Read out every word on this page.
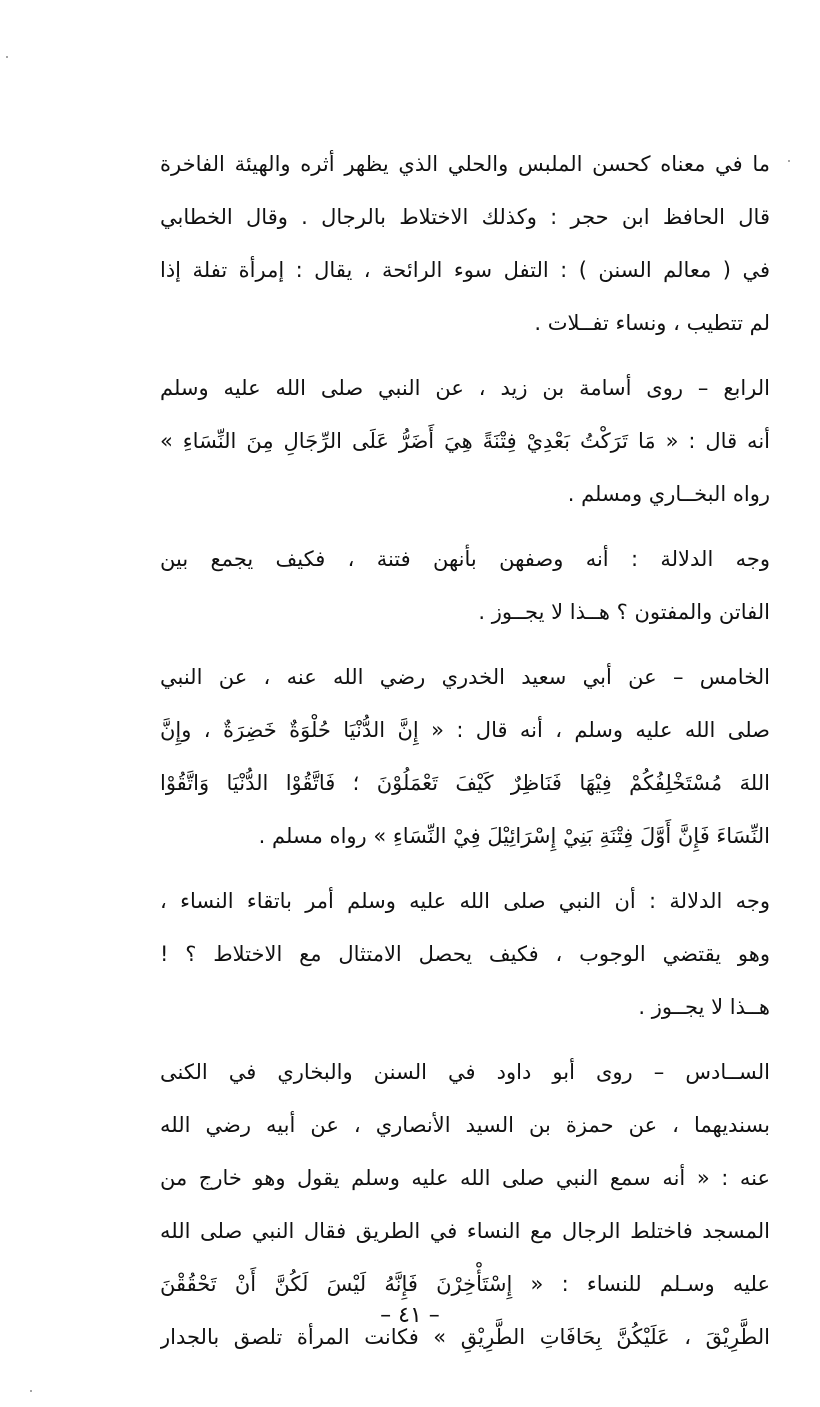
ما في معناه كحسن الملبس والحلي الذي يظهر أثره والهيئة الفاخرة
قال الحافظ ابن حجر : وكذلك الاختلاط بالرجال . وقال الخطابي
في ( معالم السنن ) : التفل سوء الرائحة ، يقال : إمرأة تفلة إذا
لم تتطيب ، ونساء تفــلات .
الرابع – روى أسامة بن زيد ، عن النبي صلى الله عليه وسلم
أنه قال : « مَا تَرَكْتُ بَعْدِيْ فِتْنَةً هِيَ أَضَرُّ عَلَى الرِّجَالِ مِنَ النِّسَاءِ »
رواه البخــاري ومسلم .
وجه الدلالة : أنه وصفهن بأنهن فتنة ، فكيف يجمع بين
الفاتن والمفتون ؟ هــذا لا يجــوز .
الخامس – عن أبي سعيد الخدري رضي الله عنه ، عن النبي
صلى الله عليه وسلم ، أنه قال : « إِنَّ الدُّنْيَا حُلْوَةٌ خَضِرَةٌ ، وإِنَّ
اللهَ مُسْتَخْلِفُكُمْ فِيْهَا فَنَاظِرٌ كَيْفَ تَعْمَلُوْنَ ؛ فَاتَّقُوْا الدُّنْيَا وَاتَّقُوْا
النِّسَاءَ فَإِنَّ أَوَّلَ فِتْنَةِ بَنِيْ إِسْرَائِيْلَ فِيْ النِّسَاءِ » رواه مسلم .
وجه الدلالة : أن النبي صلى الله عليه وسلم أمر باتقاء النساء ،
وهو يقتضي الوجوب ، فكيف يحصل الامتثال مع الاختلاط ؟ !
هــذا لا يجــوز .
الســادس – روى أبو داود في السنن والبخاري في الكنى
بسنديهما ، عن حمزة بن السيد الأنصاري ، عن أبيه رضي الله
عنه : « أنه سمع النبي صلى الله عليه وسلم يقول وهو خارج من
المسجد فاختلط الرجال مع النساء في الطريق فقال النبي صلى الله
عليه وسـلم للنساء : « إِسْتَأْخِرْنَ فَإِنَّهُ لَيْسَ لَكُنَّ أَنْ تَحْقُقْنَ
الطَّرِيْقَ ، عَلَيْكُنَّ بِحَافَاتِ الطَّرِيْقِ » فكانت المرأة تلصق بالجدار
– ٤١ –
